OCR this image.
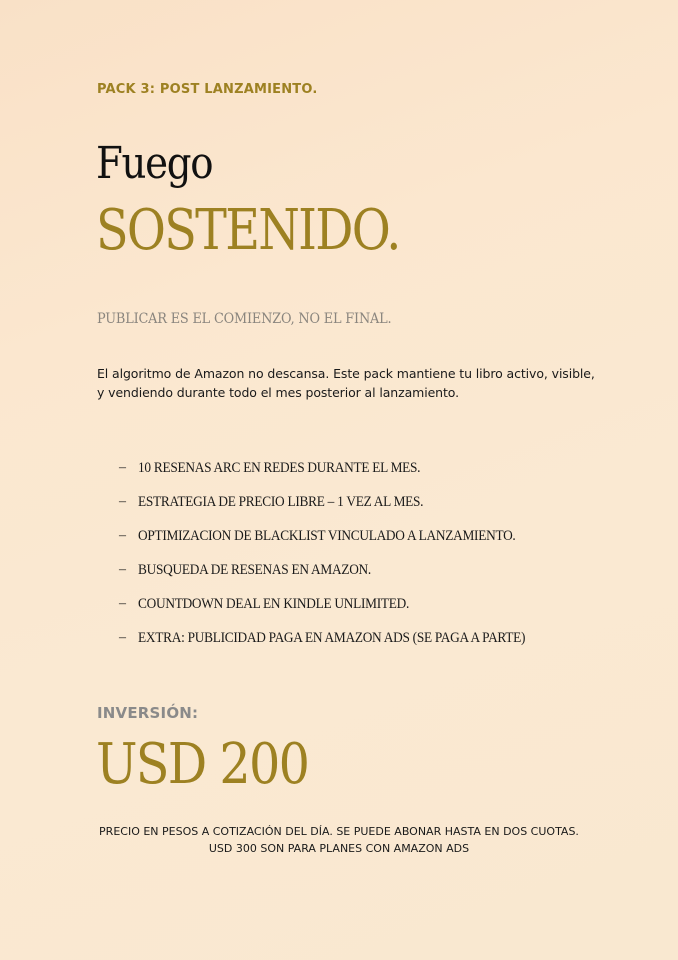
PACK 3: POST LANZAMIENTO.
Fuego
SOSTENIDO.
PUBLICAR ES EL COMIENZO, NO EL FINAL.
El algoritmo de Amazon no descansa. Este pack mantiene tu libro activo, visible, y vendiendo durante todo el mes posterior al lanzamiento.
– 10 RESENAS ARC EN REDES DURANTE EL MES.
– ESTRATEGIA DE PRECIO LIBRE – 1 VEZ AL MES.
– OPTIMIZACION DE BLACKLIST VINCULADO A LANZAMIENTO.
– BUSQUEDA DE RESENAS EN AMAZON.
– COUNTDOWN DEAL EN KINDLE UNLIMITED.
– EXTRA: PUBLICIDAD PAGA EN AMAZON ADS (SE PAGA A PARTE)
INVERSIÓN:
USD 200
PRECIO EN PESOS A COTIZACIÓN DEL DÍA. SE PUEDE ABONAR HASTA EN DOS CUOTAS.
USD 300 SON PARA PLANES CON AMAZON ADS
